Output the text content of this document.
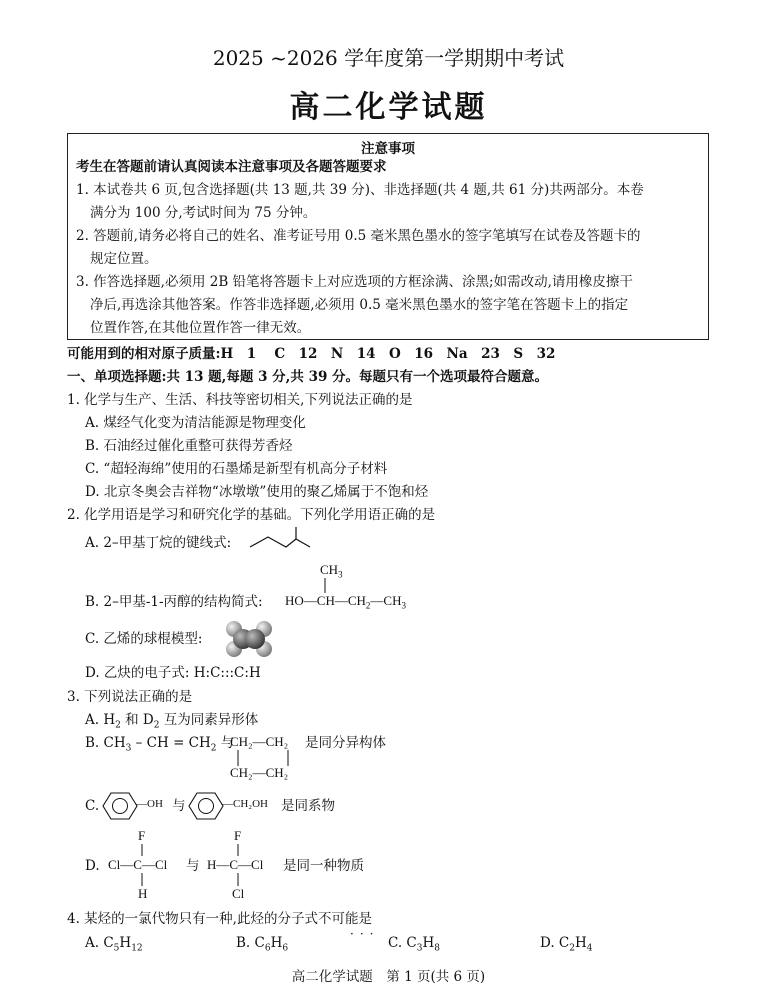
2025 ~2026 学年度第一学期期中考试
高二化学试题
注意事项
考生在答题前请认真阅读本注意事项及各题答题要求
1. 本试卷共 6 页,包含选择题(共 13 题,共 39 分)、非选择题(共 4 题,共 61 分)共两部分。本卷
满分为 100 分,考试时间为 75 分钟。
2. 答题前,请务必将自己的姓名、准考证号用 0.5 毫米黑色墨水的签字笔填写在试卷及答题卡的
规定位置。
3. 作答选择题,必须用 2B 铅笔将答题卡上对应选项的方框涂满、涂黑;如需改动,请用橡皮擦干
净后,再选涂其他答案。作答非选择题,必须用 0.5 毫米黑色墨水的签字笔在答题卡上的指定
位置作答,在其他位置作答一律无效。
可能用到的相对原子质量:H　1　 C　12　N　14　O　16　Na　23　S　32
一、单项选择题:共 13 题,每题 3 分,共 39 分。每题只有一个选项最符合题意。
1. 化学与生产、生活、科技等密切相关,下列说法正确的是
A. 煤经气化变为清洁能源是物理变化
B. 石油经过催化重整可获得芳香烃
C. “超轻海绵”使用的石墨烯是新型有机高分子材料
D. 北京冬奥会吉祥物“冰墩墩”使用的聚乙烯属于不饱和烃
2. 化学用语是学习和研究化学的基础。下列化学用语正确的是
A. 2–甲基丁烷的键线式:
B. 2–甲基-1-丙醇的结构简式:
$CH_3$
$HO—CH—CH_2—CH_3$
C. 乙烯的球棍模型:
D. 乙炔的电子式: H:C:::C:H
3. 下列说法正确的是
A. $H_2$ 和 $D_2$ 互为同素异形体
B. $CH_3$ – CH = $CH_2$ 与
CH₂—CH₂
CH₂—CH₂
是同分异构体
C.	—OH 与	—CH₂OH 是同系物
D.
F
Cl—C—Cl
H
与
F
H—C—Cl
Cl
是同一种物质
···
4. 某烃的一氯代物只有一种,此烃的分子式不可能是
A. $C_5H_{12}$	B. $C_6H_6$	C. $C_3H_8$	D. $C_2H_4$
高二化学试题　第 1 页(共 6 页)
